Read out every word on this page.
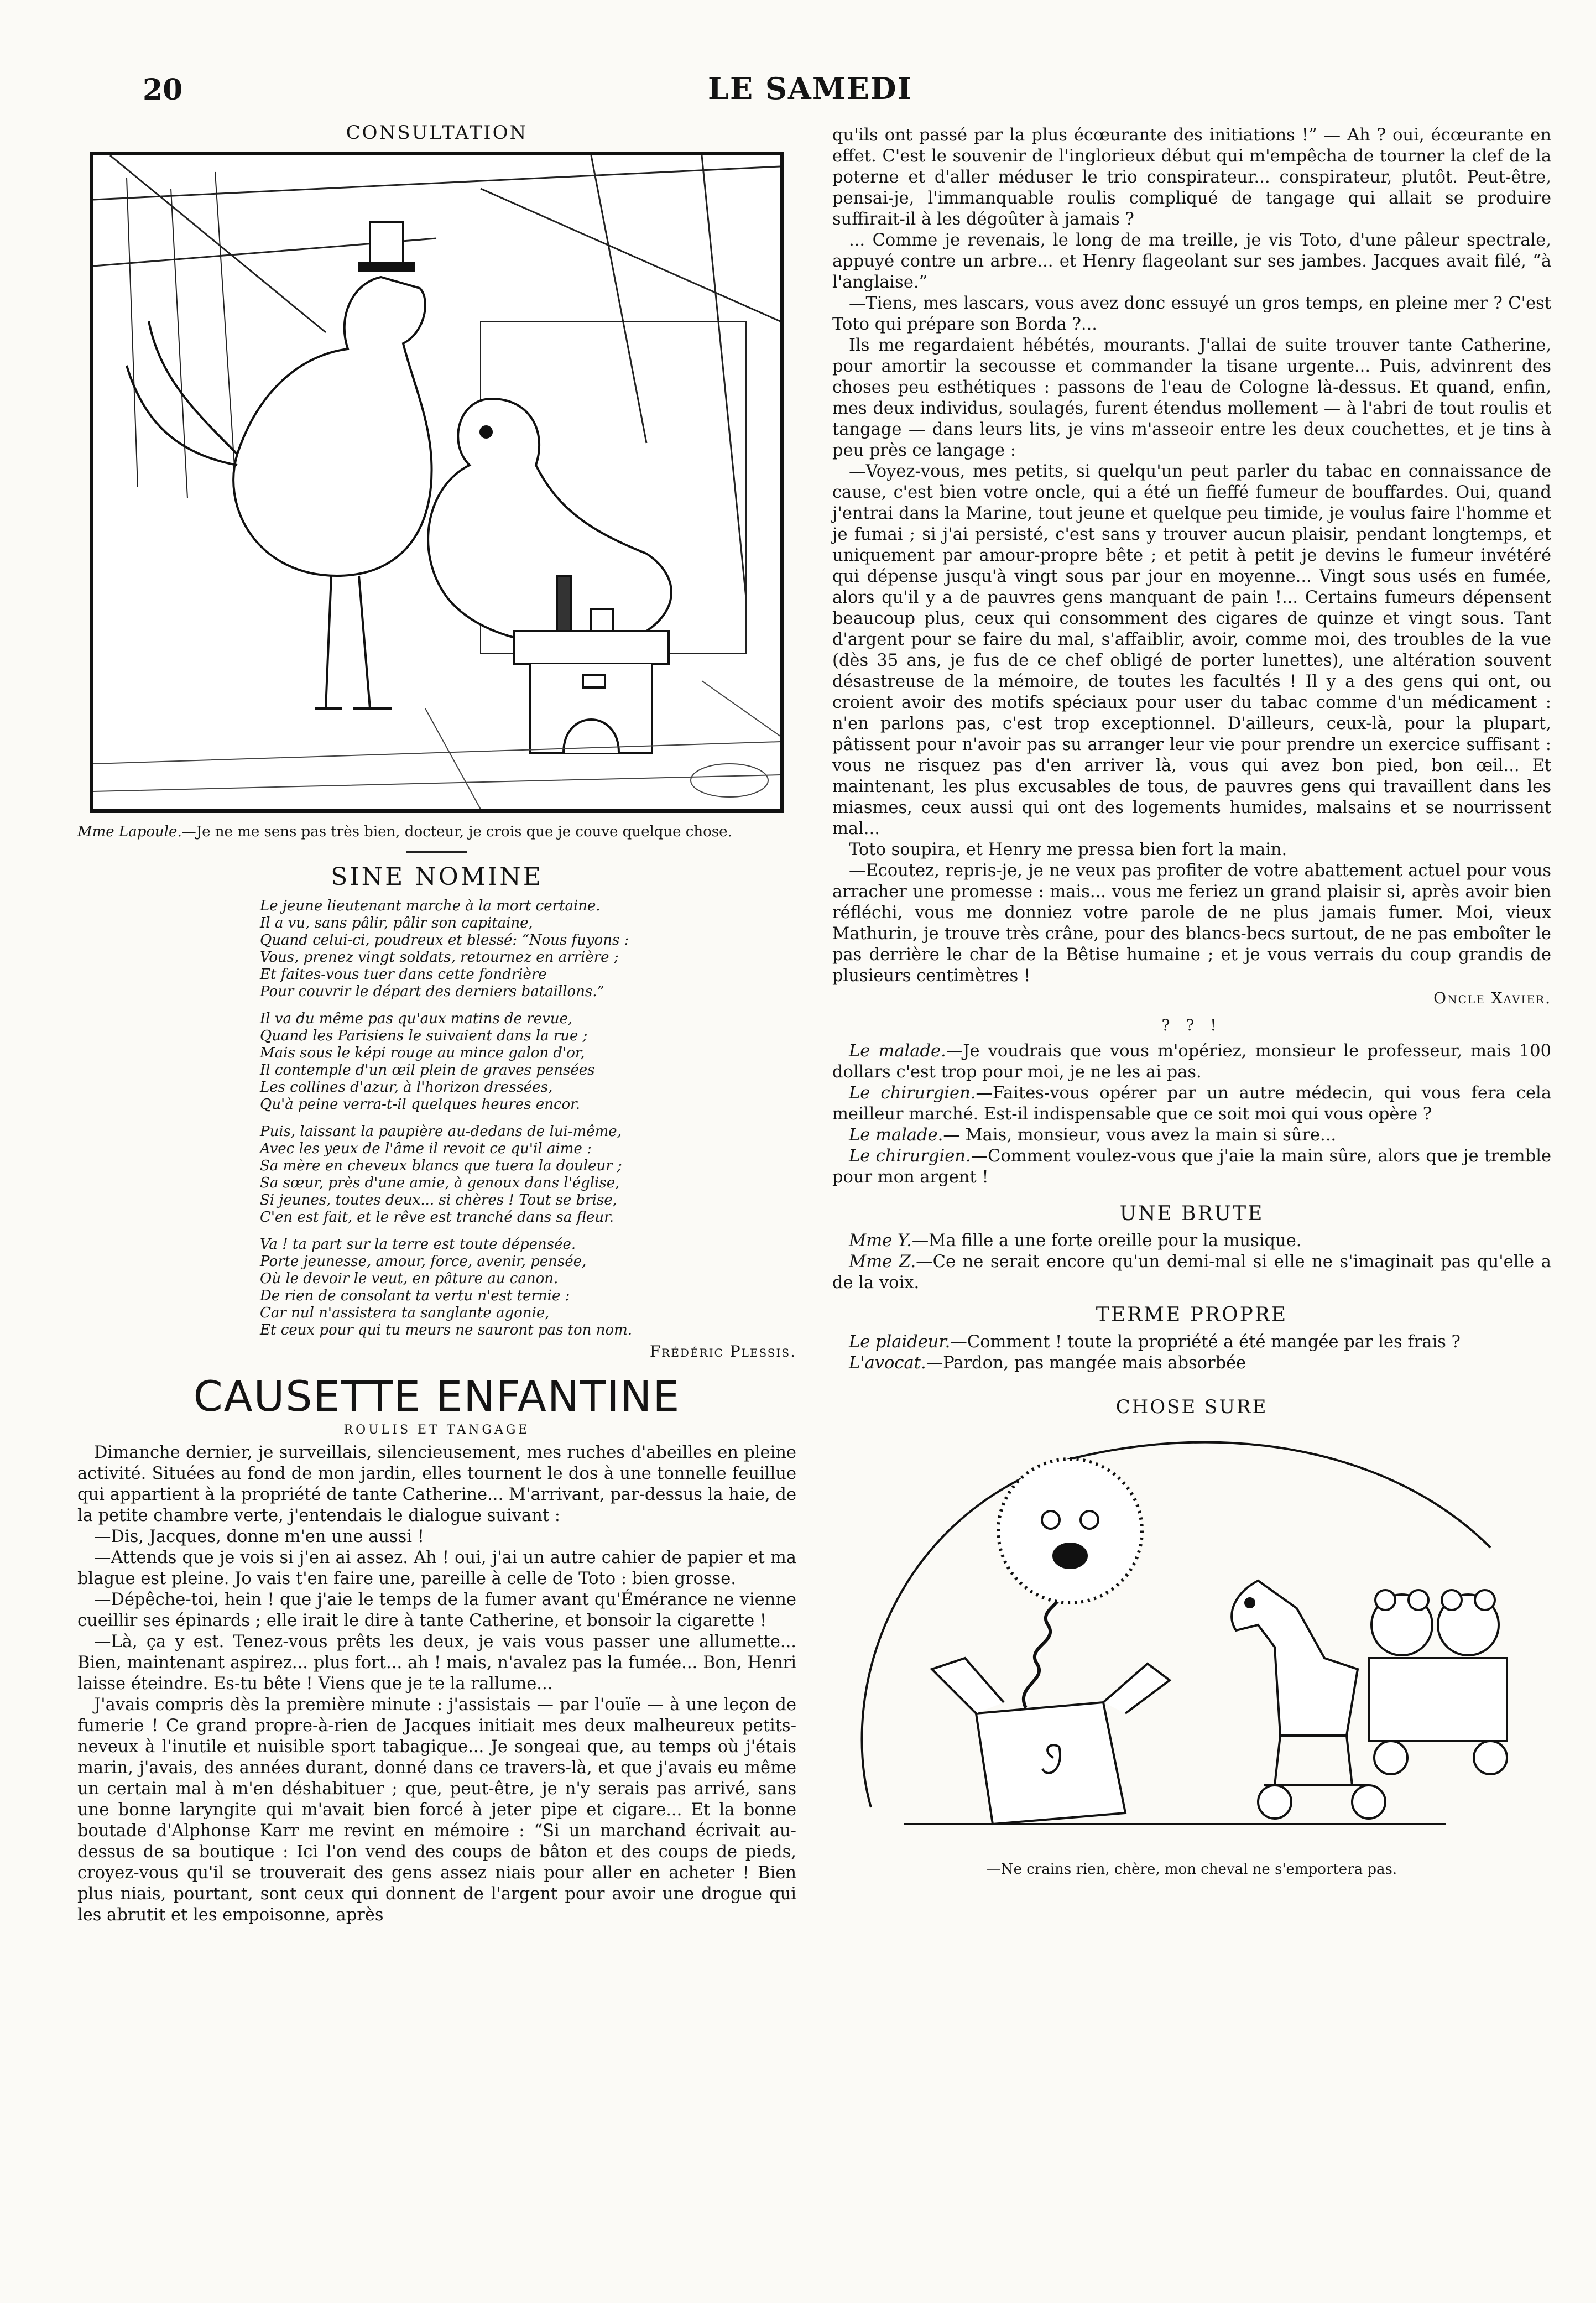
20	LE SAMEDI
CONSULTATION

Mme Lapoule.—Je ne me sens pas très bien, docteur, je crois que je couve quelque chose.

SINE NOMINE
Le jeune lieutenant marche à la mort certaine.
Il a vu, sans pâlir, pâlir son capitaine,
Quand celui-ci, poudreux et blessé: “Nous fuyons :
Vous, prenez vingt soldats, retournez en arrière ;
Et faites-vous tuer dans cette fondrière
Pour couvrir le départ des derniers bataillons.”
Il va du même pas qu'aux matins de revue,
Quand les Parisiens le suivaient dans la rue ;
Mais sous le képi rouge au mince galon d'or,
Il contemple d'un œil plein de graves pensées
Les collines d'azur, à l'horizon dressées,
Qu'à peine verra-t-il quelques heures encor.
Puis, laissant la paupière au-dedans de lui-même,
Avec les yeux de l'âme il revoit ce qu'il aime :
Sa mère en cheveux blancs que tuera la douleur ;
Sa sœur, près d'une amie, à genoux dans l'église,
Si jeunes, toutes deux... si chères ! Tout se brise,
C'en est fait, et le rêve est tranché dans sa fleur.
Va ! ta part sur la terre est toute dépensée.
Porte jeunesse, amour, force, avenir, pensée,
Où le devoir le veut, en pâture au canon.
De rien de consolant ta vertu n'est ternie :
Car nul n'assistera ta sanglante agonie,
Et ceux pour qui tu meurs ne sauront pas ton nom.
Frédéric Plessis.
CAUSETTE ENFANTINE
ROULIS ET TANGAGE

Dimanche dernier, je surveillais, silencieusement, mes ruches d'abeilles en pleine activité. Situées au fond de mon jardin, elles tournent le dos à une tonnelle feuillue qui appartient à la propriété de tante Catherine... M'arrivant, par-dessus la haie, de la petite chambre verte, j'entendais le dialogue suivant :

—Dis, Jacques, donne m'en une aussi !

—Attends que je vois si j'en ai assez. Ah ! oui, j'ai un autre cahier de papier et ma blague est pleine. Jo vais t'en faire une, pareille à celle de Toto : bien grosse.

—Dépêche-toi, hein ! que j'aie le temps de la fumer avant qu'Émérance ne vienne cueillir ses épinards ; elle irait le dire à tante Catherine, et bonsoir la cigarette !

—Là, ça y est. Tenez-vous prêts les deux, je vais vous passer une allumette... Bien, maintenant aspirez... plus fort... ah ! mais, n'avalez pas la fumée... Bon, Henri laisse éteindre. Es-tu bête ! Viens que je te la rallume...

J'avais compris dès la première minute : j'assistais — par l'ouïe — à une leçon de fumerie ! Ce grand propre-à-rien de Jacques initiait mes deux malheureux petits-neveux à l'inutile et nuisible sport tabagique... Je songeai que, au temps où j'étais marin, j'avais, des années durant, donné dans ce travers-là, et que j'avais eu même un certain mal à m'en déshabituer ; que, peut-être, je n'y serais pas arrivé, sans une bonne laryngite qui m'avait bien forcé à jeter pipe et cigare... Et la bonne boutade d'Alphonse Karr me revint en mémoire : “Si un marchand écrivait au-dessus de sa boutique : Ici l'on vend des coups de bâton et des coups de pieds, croyez-vous qu'il se trouverait des gens assez niais pour aller en acheter ! Bien plus niais, pourtant, sont ceux qui donnent de l'argent pour avoir une drogue qui les abrutit et les empoisonne, après

qu'ils ont passé par la plus écœurante des initiations !” — Ah ? oui, écœurante en effet. C'est le souvenir de l'inglorieux début qui m'empêcha de tourner la clef de la poterne et d'aller méduser le trio conspirateur... conspirateur, plutôt. Peut-être, pensai-je, l'immanquable roulis compliqué de tangage qui allait se produire suffirait-il à les dégoûter à jamais ?

... Comme je revenais, le long de ma treille, je vis Toto, d'une pâleur spectrale, appuyé contre un arbre... et Henry flageolant sur ses jambes. Jacques avait filé, “à l'anglaise.”

—Tiens, mes lascars, vous avez donc essuyé un gros temps, en pleine mer ? C'est Toto qui prépare son Borda ?...

Ils me regardaient hébétés, mourants. J'allai de suite trouver tante Catherine, pour amortir la secousse et commander la tisane urgente... Puis, advinrent des choses peu esthétiques : passons de l'eau de Cologne là-dessus. Et quand, enfin, mes deux individus, soulagés, furent étendus mollement — à l'abri de tout roulis et tangage — dans leurs lits, je vins m'asseoir entre les deux couchettes, et je tins à peu près ce langage :

—Voyez-vous, mes petits, si quelqu'un peut parler du tabac en connaissance de cause, c'est bien votre oncle, qui a été un fieffé fumeur de bouffardes. Oui, quand j'entrai dans la Marine, tout jeune et quelque peu timide, je voulus faire l'homme et je fumai ; si j'ai persisté, c'est sans y trouver aucun plaisir, pendant longtemps, et uniquement par amour-propre bête ; et petit à petit je devins le fumeur invétéré qui dépense jusqu'à vingt sous par jour en moyenne... Vingt sous usés en fumée, alors qu'il y a de pauvres gens manquant de pain !... Certains fumeurs dépensent beaucoup plus, ceux qui consomment des cigares de quinze et vingt sous. Tant d'argent pour se faire du mal, s'affaiblir, avoir, comme moi, des troubles de la vue (dès 35 ans, je fus de ce chef obligé de porter lunettes), une altération souvent désastreuse de la mémoire, de toutes les facultés ! Il y a des gens qui ont, ou croient avoir des motifs spéciaux pour user du tabac comme d'un médicament : n'en parlons pas, c'est trop exceptionnel. D'ailleurs, ceux-là, pour la plupart, pâtissent pour n'avoir pas su arranger leur vie pour prendre un exercice suffisant : vous ne risquez pas d'en arriver là, vous qui avez bon pied, bon œil... Et maintenant, les plus excusables de tous, de pauvres gens qui travaillent dans les miasmes, ceux aussi qui ont des logements humides, malsains et se nourrissent mal...

Toto soupira, et Henry me pressa bien fort la main.

—Ecoutez, repris-je, je ne veux pas profiter de votre abattement actuel pour vous arracher une promesse : mais... vous me feriez un grand plaisir si, après avoir bien réfléchi, vous me donniez votre parole de ne plus jamais fumer. Moi, vieux Mathurin, je trouve très crâne, pour des blancs-becs surtout, de ne pas emboîter le pas derrière le char de la Bêtise humaine ; et je vous verrais du coup grandis de plusieurs centimètres !

Oncle Xavier.
? ? !

Le malade.—Je voudrais que vous m'opériez, monsieur le professeur, mais 100 dollars c'est trop pour moi, je ne les ai pas.

Le chirurgien.—Faites-vous opérer par un autre médecin, qui vous fera cela meilleur marché. Est-il indispensable que ce soit moi qui vous opère ?

Le malade.— Mais, monsieur, vous avez la main si sûre...

Le chirurgien.—Comment voulez-vous que j'aie la main sûre, alors que je tremble pour mon argent !

UNE BRUTE

Mme Y.—Ma fille a une forte oreille pour la musique.

Mme Z.—Ce ne serait encore qu'un demi-mal si elle ne s'imaginait pas qu'elle a de la voix.

TERME PROPRE

Le plaideur.—Comment ! toute la propriété a été mangée par les frais ?

L'avocat.—Pardon, pas mangée mais absorbée

CHOSE SURE
—Ne crains rien, chère, mon cheval ne s'emportera pas.
